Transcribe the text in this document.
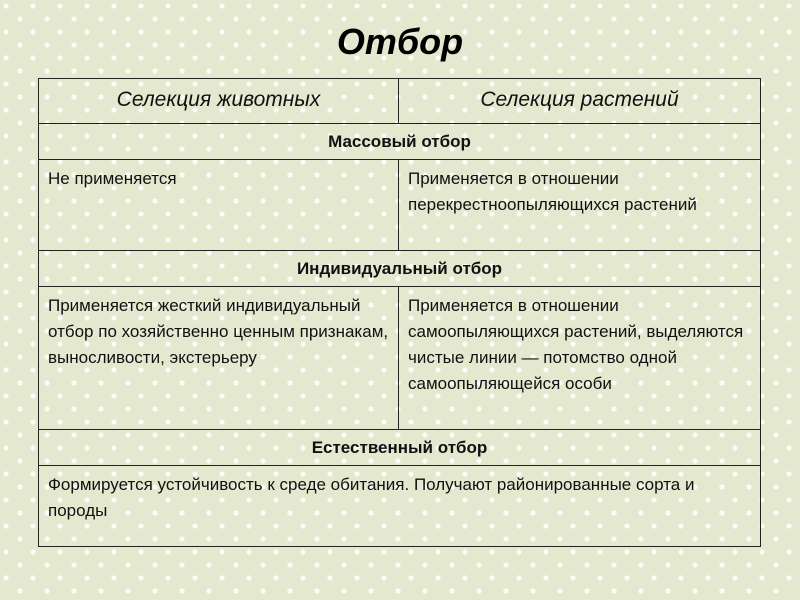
Отбор
Селекция животных	Селекция растений
Массовый отбор	
Не применяется	Применяется в отношении перекрестноопыляющихся растений
Индивидуальный отбор	
Применяется жесткий индивидуальный отбор по хозяйственно ценным признакам, выносливости, экстерьеру	Применяется в отношении самоопыляющихся растений, выделяются чистые линии — потомство одной самоопыляющейся особи
Естественный отбор	
Формируется устойчивость к среде обитания. Получают районированные сорта и породы	
